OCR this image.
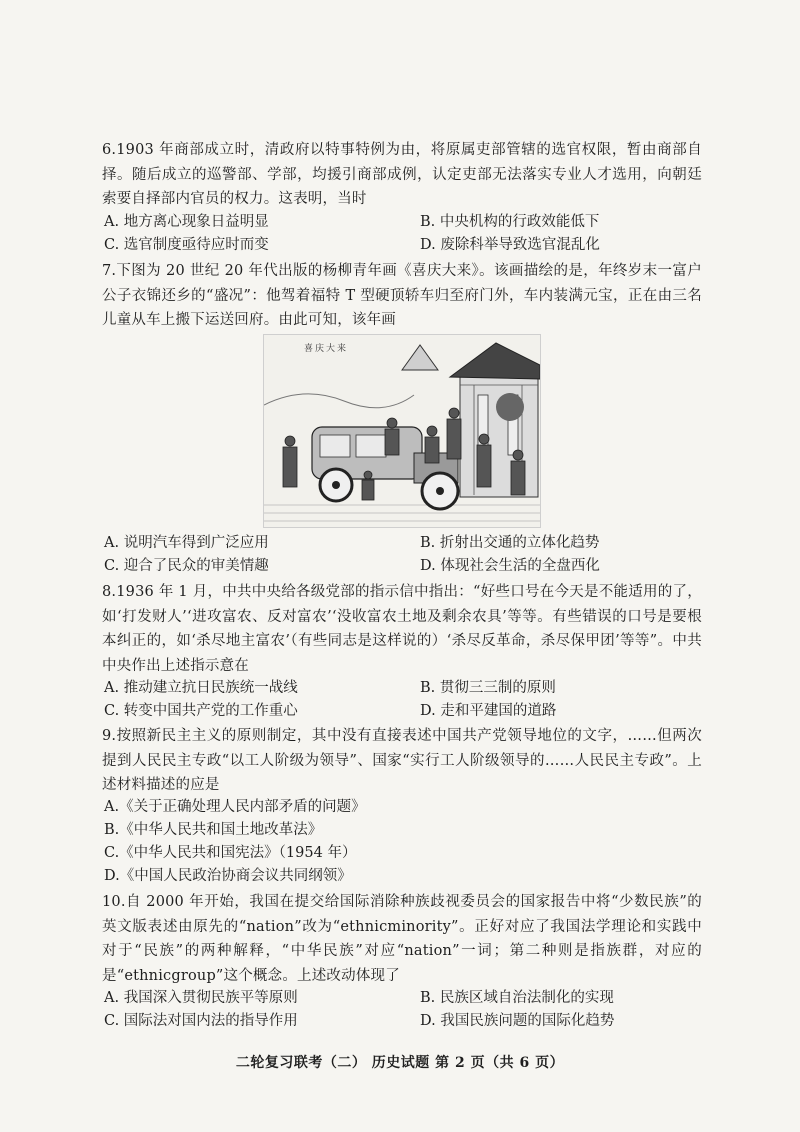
6.1903 年商部成立时，清政府以特事特例为由，将原属吏部管辖的选官权限，暂由商部自择。随后成立的巡警部、学部，均援引商部成例，认定吏部无法落实专业人才选用，向朝廷索要自择部内官员的权力。这表明，当时
A. 地方离心现象日益明显	B. 中央机构的行政效能低下
C. 选官制度亟待应时而变	D. 废除科举导致选官混乱化
7.下图为 20 世纪 20 年代出版的杨柳青年画《喜庆大来》。该画描绘的是，年终岁末一富户公子衣锦还乡的“盛况”：他驾着福特 T 型硬顶轿车归至府门外，车内装满元宝，正在由三名儿童从车上搬下运送回府。由此可知，该年画
喜庆大来
A. 说明汽车得到广泛应用	B. 折射出交通的立体化趋势
C. 迎合了民众的审美情趣	D. 体现社会生活的全盘西化
8.1936 年 1 月，中共中央给各级党部的指示信中指出：“好些口号在今天是不能适用的了，如‘打发财人’‘进攻富农、反对富农’‘没收富农土地及剩余农具’等等。有些错误的口号是要根本纠正的，如‘杀尽地主富农’（有些同志是这样说的）‘杀尽反革命，杀尽保甲团’等等”。中共中央作出上述指示意在
A. 推动建立抗日民族统一战线	B. 贯彻三三制的原则
C. 转变中国共产党的工作重心	D. 走和平建国的道路
9.按照新民主主义的原则制定，其中没有直接表述中国共产党领导地位的文字，……但两次提到人民民主专政“以工人阶级为领导”、国家“实行工人阶级领导的……人民民主专政”。上述材料描述的应是
A.《关于正确处理人民内部矛盾的问题》
B.《中华人民共和国土地改革法》
C.《中华人民共和国宪法》（1954 年）
D.《中国人民政治协商会议共同纲领》
10.自 2000 年开始，我国在提交给国际消除种族歧视委员会的国家报告中将“少数民族”的英文版表述由原先的“nation”改为“ethnicminority”。正好对应了我国法学理论和实践中对于“民族”的两种解释，“中华民族”对应“nation”一词；第二种则是指族群，对应的是“ethnicgroup”这个概念。上述改动体现了
A. 我国深入贯彻民族平等原则	B. 民族区域自治法制化的实现
C. 国际法对国内法的指导作用	D. 我国民族问题的国际化趋势
二轮复习联考（二） 历史试题 第 2 页（共 6 页）
